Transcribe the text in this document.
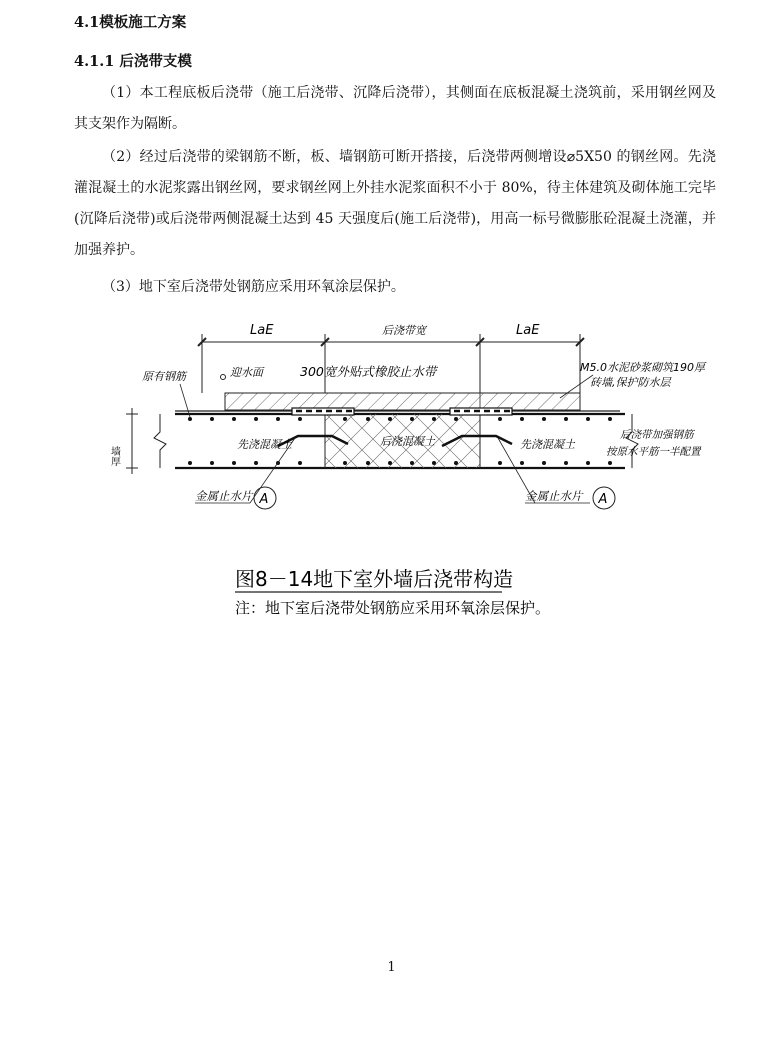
4.1模板施工方案
4.1.1 后浇带支模

（1）本工程底板后浇带（施工后浇带、沉降后浇带），其侧面在底板混凝土浇筑前，采用钢丝网及其支架作为隔断。

（2）经过后浇带的梁钢筋不断，板、墙钢筋可断开搭接，后浇带两侧增设⌀5X50 的钢丝网。先浇灌混凝土的水泥浆露出钢丝网，要求钢丝网上外挂水泥浆面积不小于 80%，待主体建筑及砌体施工完毕(沉降后浇带)或后浇带两侧混凝土达到 45 天强度后(施工后浇带)，用高一标号微膨胀砼混凝土浇灌，并加强养护。

（3）地下室后浇带处钢筋应采用环氧涂层保护。

LaE	后浇带宽	LaE
墙厚
先浇混凝土	后浇混凝土	先浇混凝土
原有钢筋	迎水面	300宽外贴式橡胶止水带	M5.0水泥砂浆砌筑190厚
砖墙,保护防水层
后浇带加强钢筋
按原水平筋一半配置
金属止水片 A	金属止水片 A
图8－14地下室外墙后浇带构造
注：地下室后浇带处钢筋应采用环氧涂层保护。
1
